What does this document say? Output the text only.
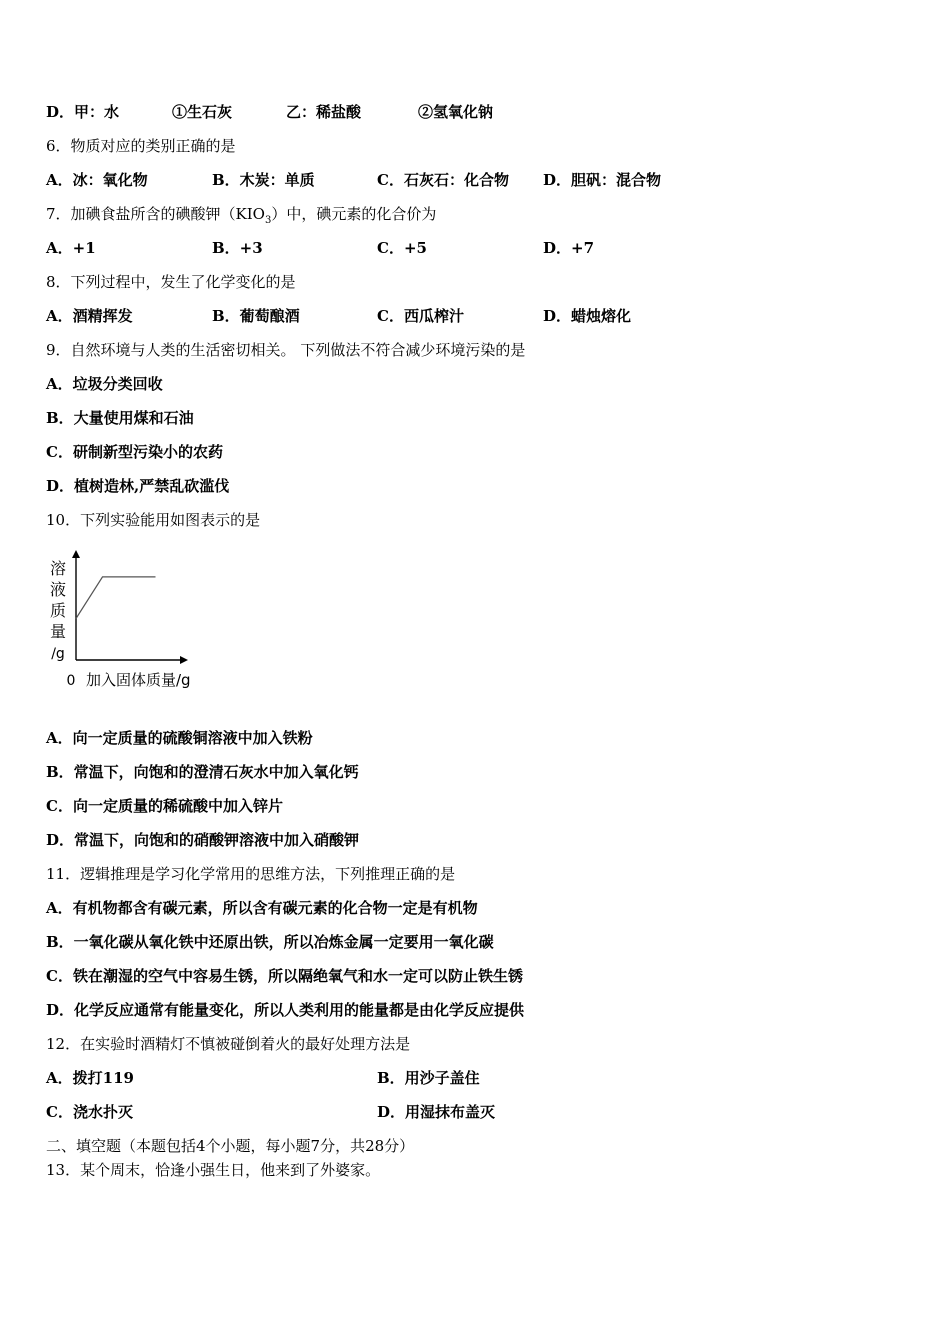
D．甲：水	①生石灰	乙：稀盐酸	②氢氧化钠
6．物质对应的类别正确的是
A．冰：氧化物	B．木炭：单质	C．石灰石：化合物 D．胆矾：混合物
7．加碘食盐所含的碘酸钾$(KIO_3)$中，碘元素的化合价为
A．+1	B．+3	C．+5	D．+7
8．下列过程中，发生了化学变化的是
A．酒精挥发	B．葡萄酿酒	C．西瓜榨汁	D．蜡烛熔化
9．自然环境与人类的生活密切相关。 下列做法不符合减少环境污染的是
A．垃圾分类回收
B．大量使用煤和石油
C．研制新型污染小的农药
D．植树造林,严禁乱砍滥伐
10．下列实验能用如图表示的是
溶
液
质
量
/g
0 加入固体质量/g
A．向一定质量的硫酸铜溶液中加入铁粉
B．常温下，向饱和的澄清石灰水中加入氧化钙
C．向一定质量的稀硫酸中加入锌片
D．常温下，向饱和的硝酸钾溶液中加入硝酸钾
11．逻辑推理是学习化学常用的思维方法，下列推理正确的是
A．有机物都含有碳元素，所以含有碳元素的化合物一定是有机物
B．一氧化碳从氧化铁中还原出铁，所以冶炼金属一定要用一氧化碳
C．铁在潮湿的空气中容易生锈，所以隔绝氧气和水一定可以防止铁生锈
D．化学反应通常有能量变化，所以人类利用的能量都是由化学反应提供
12．在实验时酒精灯不慎被碰倒着火的最好处理方法是
A．拨打119	B．用沙子盖住
C．浇水扑灭	D．用湿抹布盖灭
二、填空题（本题包括4个小题，每小题7分，共28分）
13．某个周末，恰逢小强生日，他来到了外婆家。
